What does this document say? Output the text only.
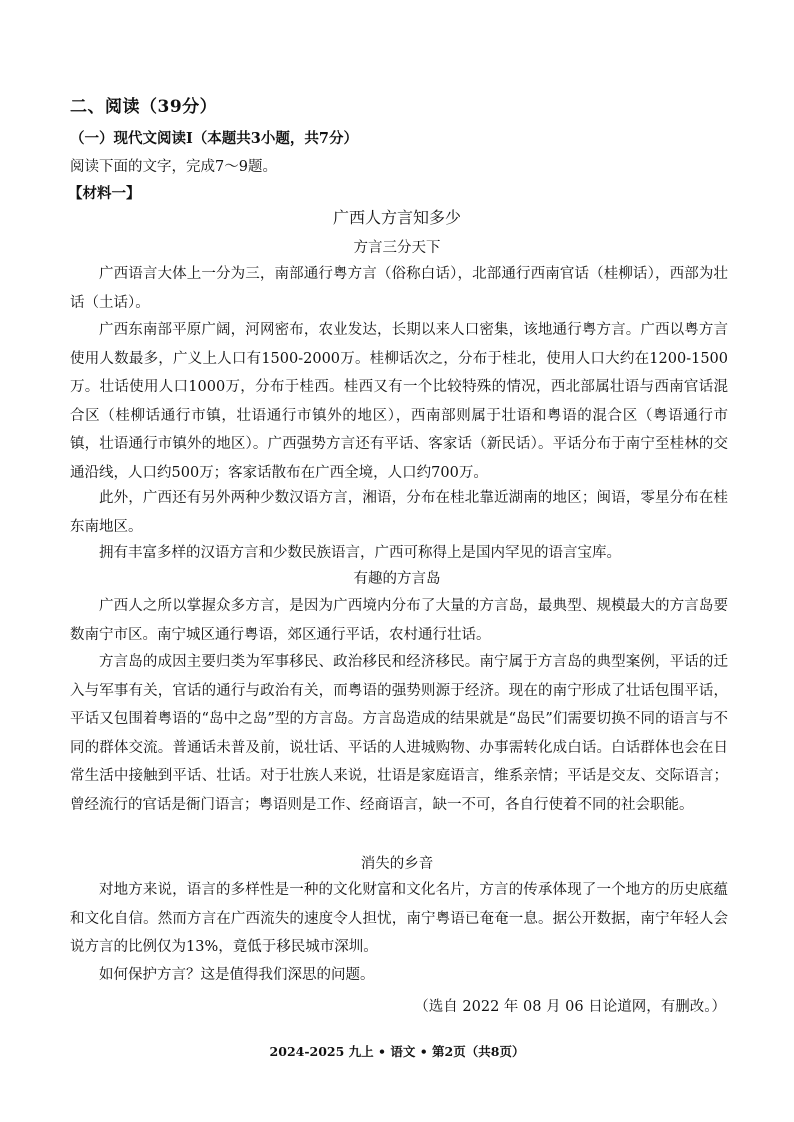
二、阅读（39分）
（一）现代文阅读Ⅰ（本题共3小题，共7分）
阅读下面的文字，完成7～9题。
【材料一】
广西人方言知多少
方言三分天下

广西语言大体上一分为三，南部通行粤方言（俗称白话），北部通行西南官话（桂柳话），西部为壮话（土话）。

广西东南部平原广阔，河网密布，农业发达，长期以来人口密集，该地通行粤方言。广西以粤方言使用人数最多，广义上人口有1500-2000万。桂柳话次之，分布于桂北，使用人口大约在1200-1500万。壮话使用人口1000万，分布于桂西。桂西又有一个比较特殊的情况，西北部属壮语与西南官话混合区（桂柳话通行市镇，壮语通行市镇外的地区），西南部则属于壮语和粤语的混合区（粤语通行市镇，壮语通行市镇外的地区）。广西强势方言还有平话、客家话（新民话）。平话分布于南宁至桂林的交通沿线，人口约500万；客家话散布在广西全境，人口约700万。

此外，广西还有另外两种少数汉语方言，湘语，分布在桂北靠近湖南的地区；闽语，零星分布在桂东南地区。

拥有丰富多样的汉语方言和少数民族语言，广西可称得上是国内罕见的语言宝库。

有趣的方言岛

广西人之所以掌握众多方言，是因为广西境内分布了大量的方言岛，最典型、规模最大的方言岛要数南宁市区。南宁城区通行粤语，郊区通行平话，农村通行壮话。

方言岛的成因主要归类为军事移民、政治移民和经济移民。南宁属于方言岛的典型案例，平话的迁入与军事有关，官话的通行与政治有关，而粤语的强势则源于经济。现在的南宁形成了壮话包围平话，平话又包围着粤语的“岛中之岛”型的方言岛。方言岛造成的结果就是“岛民”们需要切换不同的语言与不同的群体交流。普通话未普及前，说壮话、平话的人进城购物、办事需转化成白话。白话群体也会在日常生活中接触到平话、壮话。对于壮族人来说，壮语是家庭语言，维系亲情；平话是交友、交际语言；曾经流行的官话是衙门语言；粤语则是工作、经商语言，缺一不可，各自行使着不同的社会职能。

消失的乡音

对地方来说，语言的多样性是一种的文化财富和文化名片，方言的传承体现了一个地方的历史底蕴和文化自信。然而方言在广西流失的速度令人担忧，南宁粤语已奄奄一息。据公开数据，南宁年轻人会说方言的比例仅为13%，竟低于移民城市深圳。

如何保护方言？这是值得我们深思的问题。

（选自 2022 年 08 月 06 日论道网，有删改。）
2024-2025 九上 • 语文 • 第2页（共8页）
